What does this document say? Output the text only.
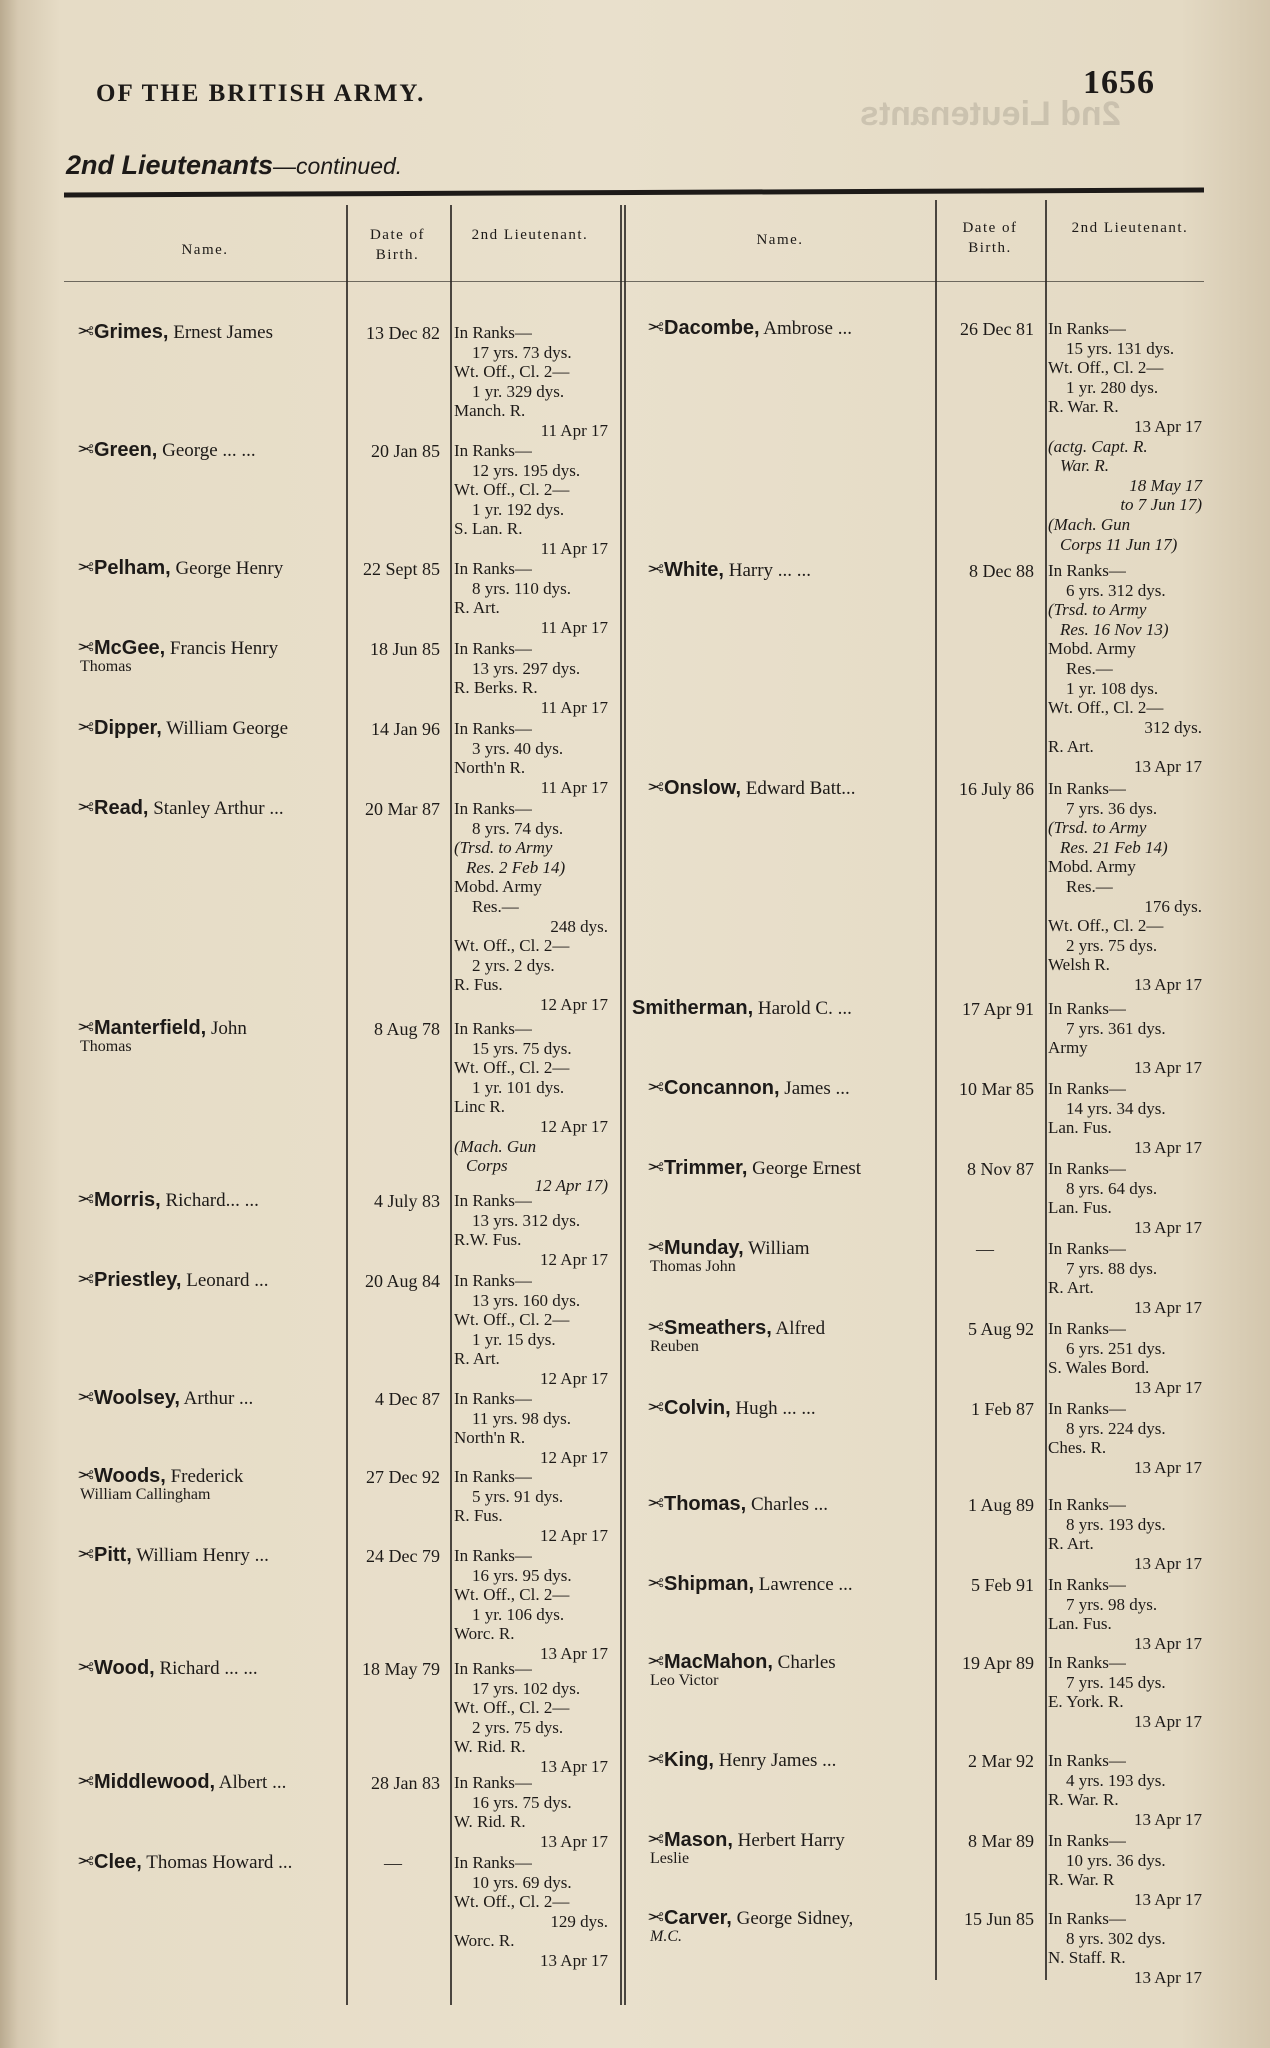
2nd Lieutenants
OF THE BRITISH ARMY.	1656
2nd Lieutenants—continued.
Name.
Date of Birth.
2nd Lieutenant.	Name.
Date of Birth.
2nd Lieutenant.
✂Grimes, Ernest James	13 Dec 82 In Ranks—
17 yrs. 73 dys.
Wt. Off., Cl. 2—
1 yr. 329 dys.
Manch. R.
11 Apr 17
✂Green, George ... ...	20 Jan 85 In Ranks—
12 yrs. 195 dys.
Wt. Off., Cl. 2—
1 yr. 192 dys.
S. Lan. R.
11 Apr 17
✂Pelham, George Henry	22 Sept 85 In Ranks—
8 yrs. 110 dys.
R. Art.
11 Apr 17
✂McGee, Francis Henry
Thomas
18 Jun 85 In Ranks—
13 yrs. 297 dys.
R. Berks. R.
11 Apr 17
✂Dipper, William George	14 Jan 96 In Ranks—
3 yrs. 40 dys.
North'n R.
11 Apr 17
✂Read, Stanley Arthur ...	20 Mar 87 In Ranks—
8 yrs. 74 dys.
(Trsd. to Army
Res. 2 Feb 14)
Mobd. Army
Res.—
248 dys.
Wt. Off., Cl. 2—
2 yrs. 2 dys.
R. Fus.
12 Apr 17
✂Manterfield, John
Thomas
8 Aug 78 In Ranks—
15 yrs. 75 dys.
Wt. Off., Cl. 2—
1 yr. 101 dys.
Linc R.
12 Apr 17
(Mach. Gun
Corps
12 Apr 17)
✂Morris, Richard... ...	4 July 83 In Ranks—
13 yrs. 312 dys.
R.W. Fus.
12 Apr 17
✂Priestley, Leonard ...	20 Aug 84 In Ranks—
13 yrs. 160 dys.
Wt. Off., Cl. 2—
1 yr. 15 dys.
R. Art.
12 Apr 17
✂Woolsey, Arthur ...	4 Dec 87 In Ranks—
11 yrs. 98 dys.
North'n R.
12 Apr 17
✂Woods, Frederick
William Callingham
27 Dec 92 In Ranks—
5 yrs. 91 dys.
R. Fus.
12 Apr 17
✂Pitt, William Henry ...	24 Dec 79 In Ranks—
16 yrs. 95 dys.
Wt. Off., Cl. 2—
1 yr. 106 dys.
Worc. R.
13 Apr 17
✂Wood, Richard ... ...	18 May 79 In Ranks—
17 yrs. 102 dys.
Wt. Off., Cl. 2—
2 yrs. 75 dys.
W. Rid. R.
13 Apr 17
✂Middlewood, Albert ...	28 Jan 83 In Ranks—
16 yrs. 75 dys.
W. Rid. R.
13 Apr 17
✂Clee, Thomas Howard ...	—	In Ranks—
10 yrs. 69 dys.
Wt. Off., Cl. 2—
129 dys.
Worc. R.
13 Apr 17
✂Dacombe, Ambrose ...	26 Dec 81 In Ranks—
15 yrs. 131 dys.
Wt. Off., Cl. 2—
1 yr. 280 dys.
R. War. R.
13 Apr 17
(actg. Capt. R.
War. R.
18 May 17
to 7 Jun 17)
(Mach. Gun
Corps 11 Jun 17)
✂White, Harry ... ...	8 Dec 88 In Ranks—
6 yrs. 312 dys.
(Trsd. to Army
Res. 16 Nov 13)
Mobd. Army
Res.—
1 yr. 108 dys.
Wt. Off., Cl. 2—
312 dys.
R. Art.
13 Apr 17
✂Onslow, Edward Batt...	16 July 86 In Ranks—
7 yrs. 36 dys.
(Trsd. to Army
Res. 21 Feb 14)
Mobd. Army
Res.—
176 dys.
Wt. Off., Cl. 2—
2 yrs. 75 dys.
Welsh R.
13 Apr 17
Smitherman, Harold C. ...	17 Apr 91 In Ranks—
7 yrs. 361 dys.
Army
13 Apr 17
✂Concannon, James ...	10 Mar 85 In Ranks—
14 yrs. 34 dys.
Lan. Fus.
13 Apr 17
✂Trimmer, George Ernest	8 Nov 87 In Ranks—
8 yrs. 64 dys.
Lan. Fus.
13 Apr 17
✂Munday, William
Thomas John
—	In Ranks—
7 yrs. 88 dys.
R. Art.
13 Apr 17
✂Smeathers, Alfred
Reuben
5 Aug 92 In Ranks—
6 yrs. 251 dys.
S. Wales Bord.
13 Apr 17
✂Colvin, Hugh ... ...	1 Feb 87 In Ranks—
8 yrs. 224 dys.
Ches. R.
13 Apr 17
✂Thomas, Charles ...	1 Aug 89 In Ranks—
8 yrs. 193 dys.
R. Art.
13 Apr 17
✂Shipman, Lawrence ...	5 Feb 91 In Ranks—
7 yrs. 98 dys.
Lan. Fus.
13 Apr 17
✂MacMahon, Charles
Leo Victor
19 Apr 89 In Ranks—
7 yrs. 145 dys.
E. York. R.
13 Apr 17
✂King, Henry James ...	2 Mar 92 In Ranks—
4 yrs. 193 dys.
R. War. R.
13 Apr 17
✂Mason, Herbert Harry
Leslie
8 Mar 89 In Ranks—
10 yrs. 36 dys.
R. War. R
13 Apr 17
✂Carver, George Sidney,
M.C.
15 Jun 85 In Ranks—
8 yrs. 302 dys.
N. Staff. R.
13 Apr 17
